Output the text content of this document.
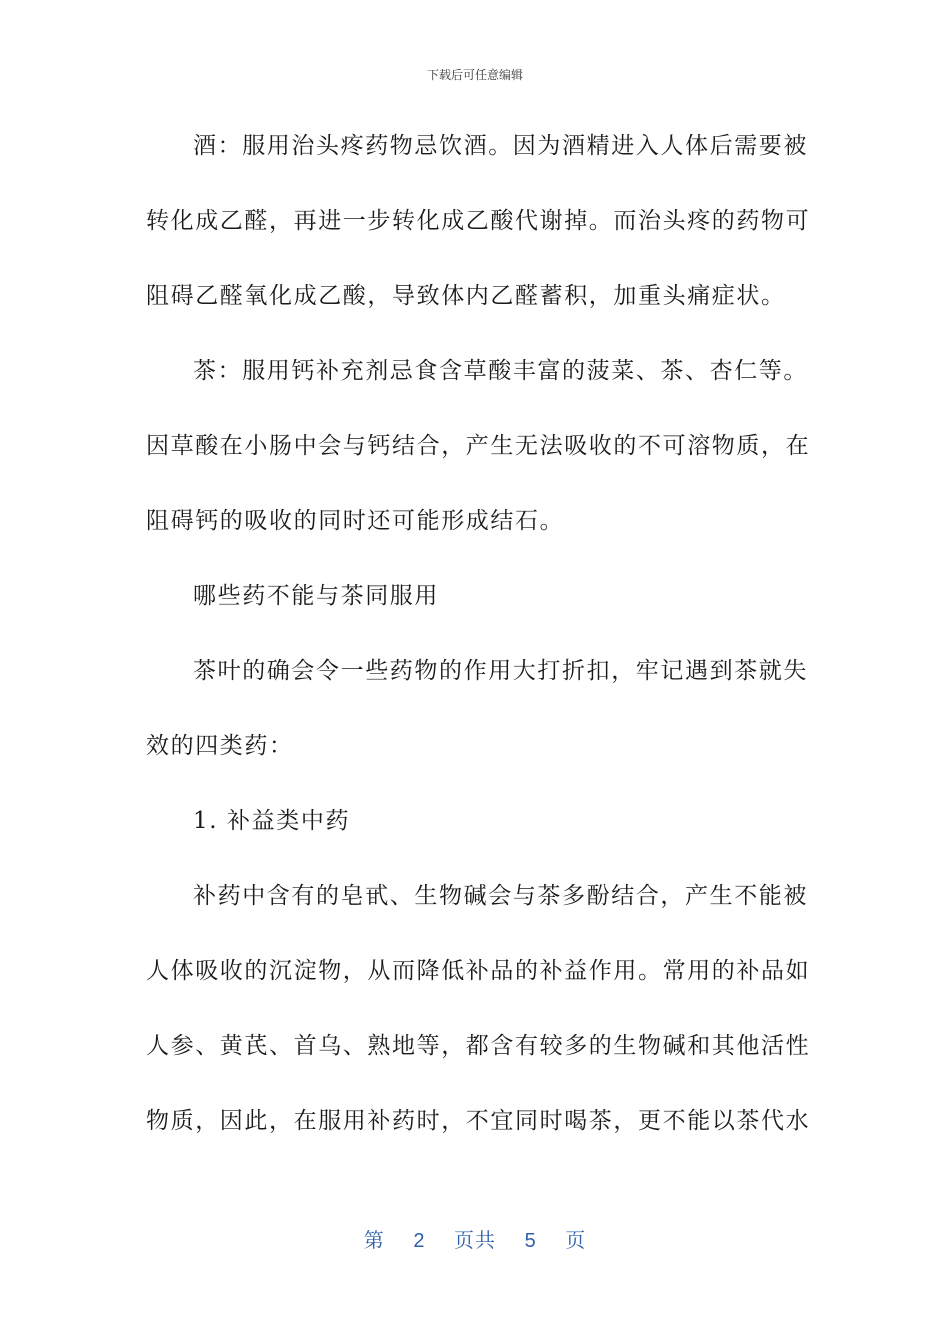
下载后可任意编辑
酒：服用治头疼药物忌饮酒。因为酒精进入人体后需要被
转化成乙醛，再进一步转化成乙酸代谢掉。而治头疼的药物可
阻碍乙醛氧化成乙酸，导致体内乙醛蓄积，加重头痛症状。
茶：服用钙补充剂忌食含草酸丰富的菠菜、茶、杏仁等。
因草酸在小肠中会与钙结合，产生无法吸收的不可溶物质，在
阻碍钙的吸收的同时还可能形成结石。
哪些药不能与茶同服用
茶叶的确会令一些药物的作用大打折扣，牢记遇到茶就失
效的四类药：
1. 补益类中药
补药中含有的皂甙、生物碱会与茶多酚结合，产生不能被
人体吸收的沉淀物，从而降低补品的补益作用。常用的补品如
人参、黄芪、首乌、熟地等，都含有较多的生物碱和其他活性
物质，因此，在服用补药时，不宜同时喝茶，更不能以茶代水
第 2 页共 5 页
